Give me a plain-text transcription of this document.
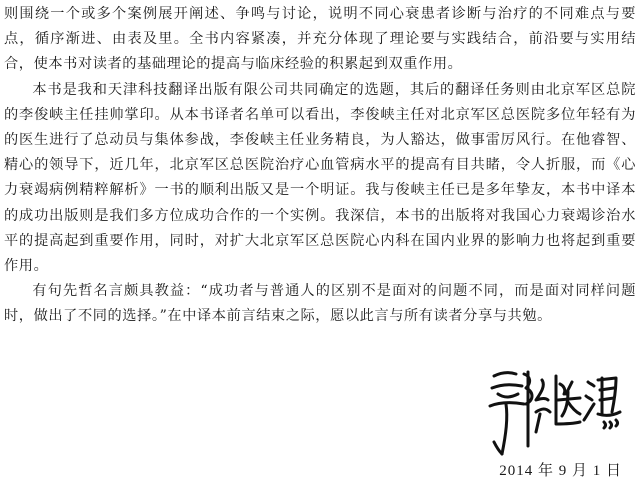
则围绕一个或多个案例展开阐述、争鸣与讨论，说明不同心衰患者诊断与治疗的不同难点与要点，循序渐进、由表及里。全书内容紧凑，并充分体现了理论要与实践结合，前沿要与实用结合，使本书对读者的基础理论的提高与临床经验的积累起到双重作用。

本书是我和天津科技翻译出版有限公司共同确定的选题，其后的翻译任务则由北京军区总院的李俊峡主任挂帅掌印。从本书译者名单可以看出，李俊峡主任对北京军区总医院多位年轻有为的医生进行了总动员与集体参战，李俊峡主任业务精良，为人豁达，做事雷厉风行。在他睿智、精心的领导下，近几年，北京军区总医院治疗心血管病水平的提高有目共睹，令人折服，而《心力衰竭病例精粹解析》一书的顺利出版又是一个明证。我与俊峡主任已是多年挚友，本书中译本的成功出版则是我们多方位成功合作的一个实例。我深信，本书的出版将对我国心力衰竭诊治水平的提高起到重要作用，同时，对扩大北京军区总医院心内科在国内业界的影响力也将起到重要作用。

有句先哲名言颇具教益：“成功者与普通人的区别不是面对的问题不同，而是面对同样问题时，做出了不同的选择。”在中译本前言结束之际，愿以此言与所有读者分享与共勉。

2014 年 9 月 1 日
